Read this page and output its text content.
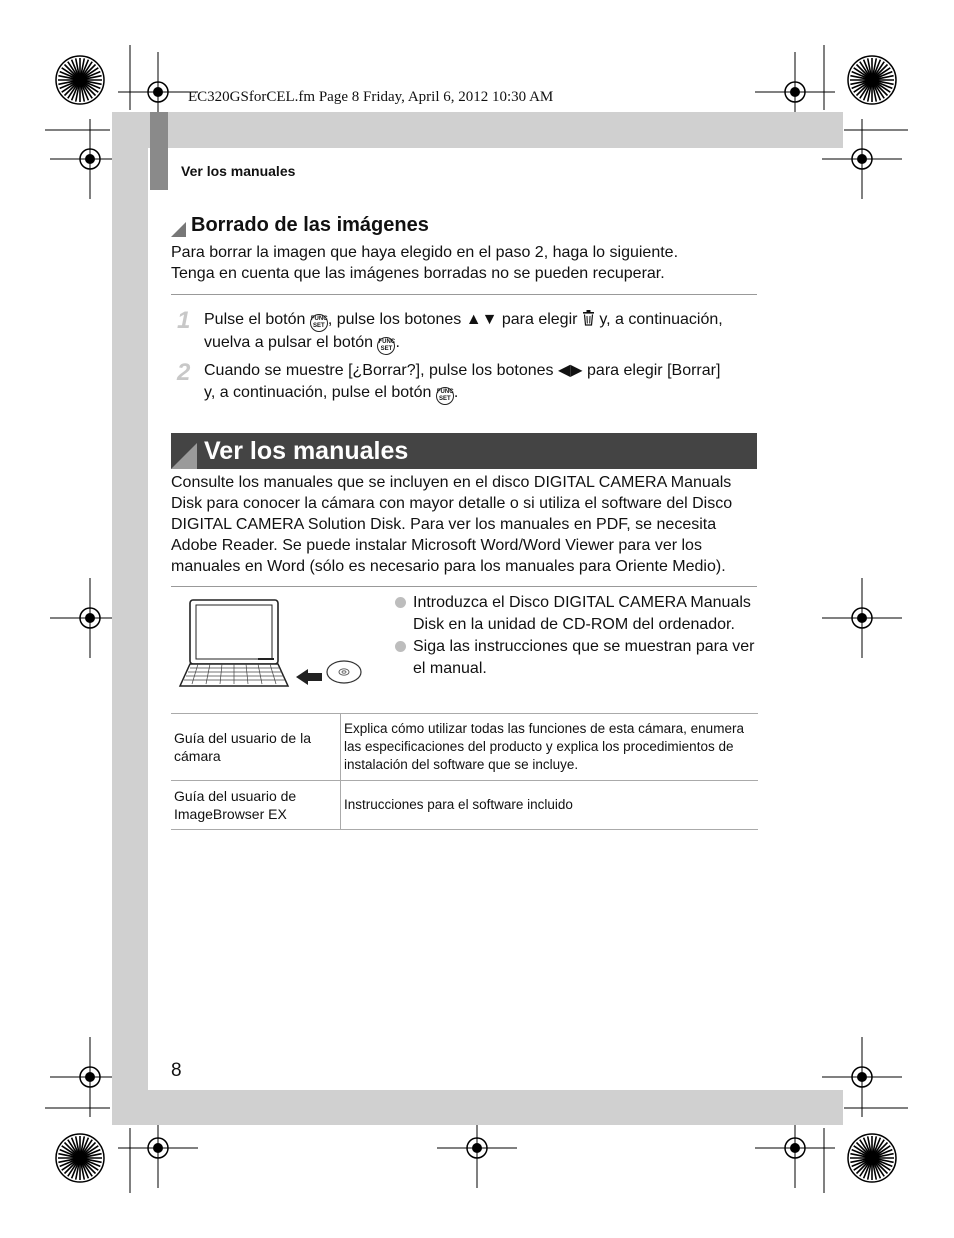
EC320GSforCEL.fm Page 8 Friday, April 6, 2012 10:30 AM
Ver los manuales
Borrado de las imágenes
Para borrar la imagen que haya elegido en el paso 2, haga lo siguiente.
Tenga en cuenta que las imágenes borradas no se pueden recuperar.
1 Pulse el botón FUNC
SET , pulse los botones ▲▼ para elegir  y, a continuación,
vuelva a pulsar el botón FUNC
SET .
2 Cuando se muestre [¿Borrar?], pulse los botones ◀▶ para elegir [Borrar]
y, a continuación, pulse el botón FUNC
SET .
Ver los manuales
Consulte los manuales que se incluyen en el disco DIGITAL CAMERA Manuals Disk para conocer la cámara con mayor detalle o si utiliza el software del Disco DIGITAL CAMERA Solution Disk. Para ver los manuales en PDF, se necesita Adobe Reader. Se puede instalar Microsoft Word/Word Viewer para ver los manuales en Word (sólo es necesario para los manuales para Oriente Medio).
Introduzca el Disco DIGITAL CAMERA Manuals Disk en la unidad de CD-ROM del ordenador.
Siga las instrucciones que se muestran para ver el manual.
Guía del usuario de la cámara	Explica cómo utilizar todas las funciones de esta cámara, enumera las especificaciones del producto y explica los procedimientos de instalación del software que se incluye.
Guía del usuario de ImageBrowser EX	Instrucciones para el software incluido
8
